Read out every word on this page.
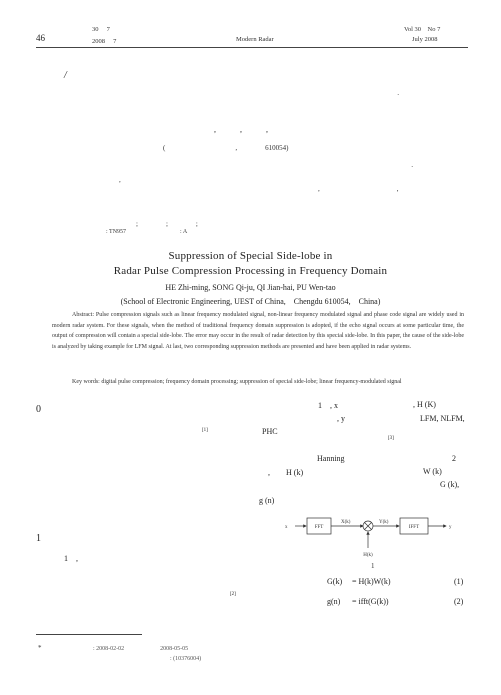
30　 7
2008　 7
46	Modern Radar
Vol 30　No 7
July 2008
/
·
,　　　,　　　,
(　　　　　　　　　　,　　　　610054)
·
,
,　　　　　　　　　　　,
;　　　　;　　　　;
: TN957　　　　　　　　　: A
Suppression of Special Side-lobe in
Radar Pulse Compression Processing in Frequency Domain
HE Zhi-ming, SONG Qi-ju, QI Jian-hai, PU Wen-tao
(School of Electronic Engineering, UEST of China,　Chengdu 610054,　China)
Abstract: Pulse compression signals such as linear frequency modulated signal, non-linear frequency modulated signal and phase code signal are widely used in modern radar system. For these signals, when the method of traditional frequency domain suppression is adopted, if the echo signal occurs at some particular time, the output of compression will contain a special side-lobe. The error may occur in the result of radar detection by this special side-lobe. In this paper, the cause of the side-lobe is analyzed by taking example for LFM signal. At last, two corresponding suppression methods are presented and have been applied in radar systems.
Key words: digital pulse compression; frequency domain processing; suppression of special side-lobe; linear frequency-modulated signal
0	1　, x	, H (K)
, y	LFM, NLFM,
[1]	PHC
[3]
Hanning	2
,　　H (k)	W (k)
G (k),
g (n)
1
1　,
[2]
x	FFT
X(k)
H(k)
Y(k)
IFFT	y
1
G(k) = H(k)W(k)	(1)
g(n) = ifft(G(k))	(2)
*	: 2008-02-02　　　　　　2008-05-05
: (10376004)
